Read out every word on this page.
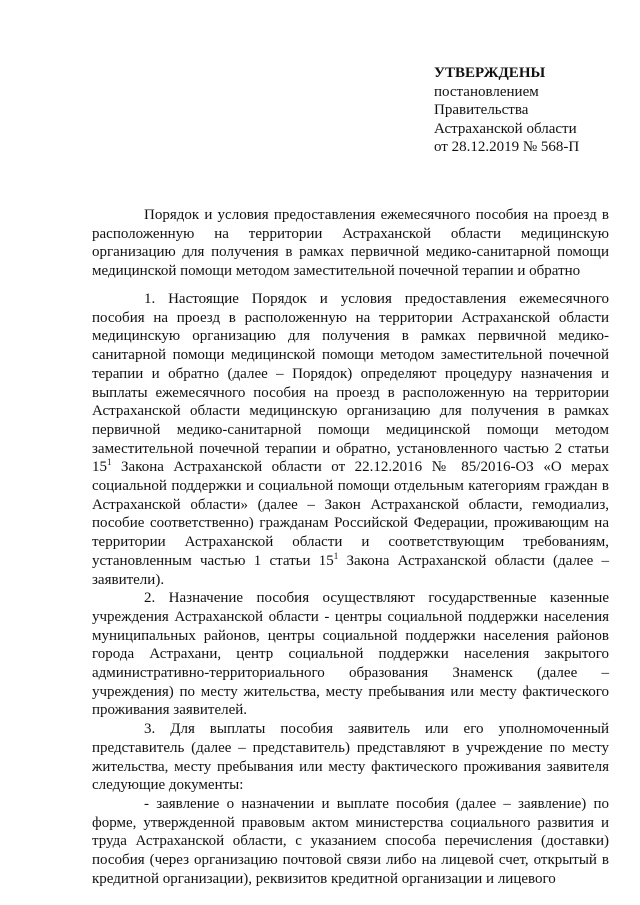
УТВЕРЖДЕНЫ
постановлением
Правительства
Астраханской области
от 28.12.2019 № 568-П

Порядок и условия предоставления ежемесячного пособия на проезд в расположенную на территории Астраханской области медицинскую организацию для получения в рамках первичной медико-санитарной помощи медицинской помощи методом заместительной почечной терапии и обратно

1. Настоящие Порядок и условия предоставления ежемесячного пособия на проезд в расположенную на территории Астраханской области медицинскую организацию для получения в рамках первичной медико-санитарной помощи медицинской помощи методом заместительной почечной терапии и обратно (далее – Порядок) определяют процедуру назначения и выплаты ежемесячного пособия на проезд в расположенную на территории Астраханской области медицинскую организацию для получения в рамках первичной медико-санитарной помощи медицинской помощи методом заместительной почечной терапии и обратно, установленного частью 2 статьи $15^1$ Закона Астраханской области от 22.12.2016 № 85/2016-ОЗ «О мерах социальной поддержки и социальной помощи отдельным категориям граждан в Астраханской области» (далее – Закон Астраханской области, гемодиализ, пособие соответственно) гражданам Российской Федерации, проживающим на территории Астраханской области и соответствующим требованиям, установленным частью 1 статьи $15^1$ Закона Астраханской области (далее – заявители).

2. Назначение пособия осуществляют государственные казенные учреждения Астраханской области - центры социальной поддержки населения муниципальных районов, центры социальной поддержки населения районов города Астрахани, центр социальной поддержки населения закрытого административно-территориального образования Знаменск (далее – учреждения) по месту жительства, месту пребывания или месту фактического проживания заявителей.

3. Для выплаты пособия заявитель или его уполномоченный представитель (далее – представитель) представляют в учреждение по месту жительства, месту пребывания или месту фактического проживания заявителя следующие документы:

- заявление о назначении и выплате пособия (далее – заявление) по форме, утвержденной правовым актом министерства социального развития и труда Астраханской области, с указанием способа перечисления (доставки) пособия (через организацию почтовой связи либо на лицевой счет, открытый в кредитной организации), реквизитов кредитной организации и лицевого
